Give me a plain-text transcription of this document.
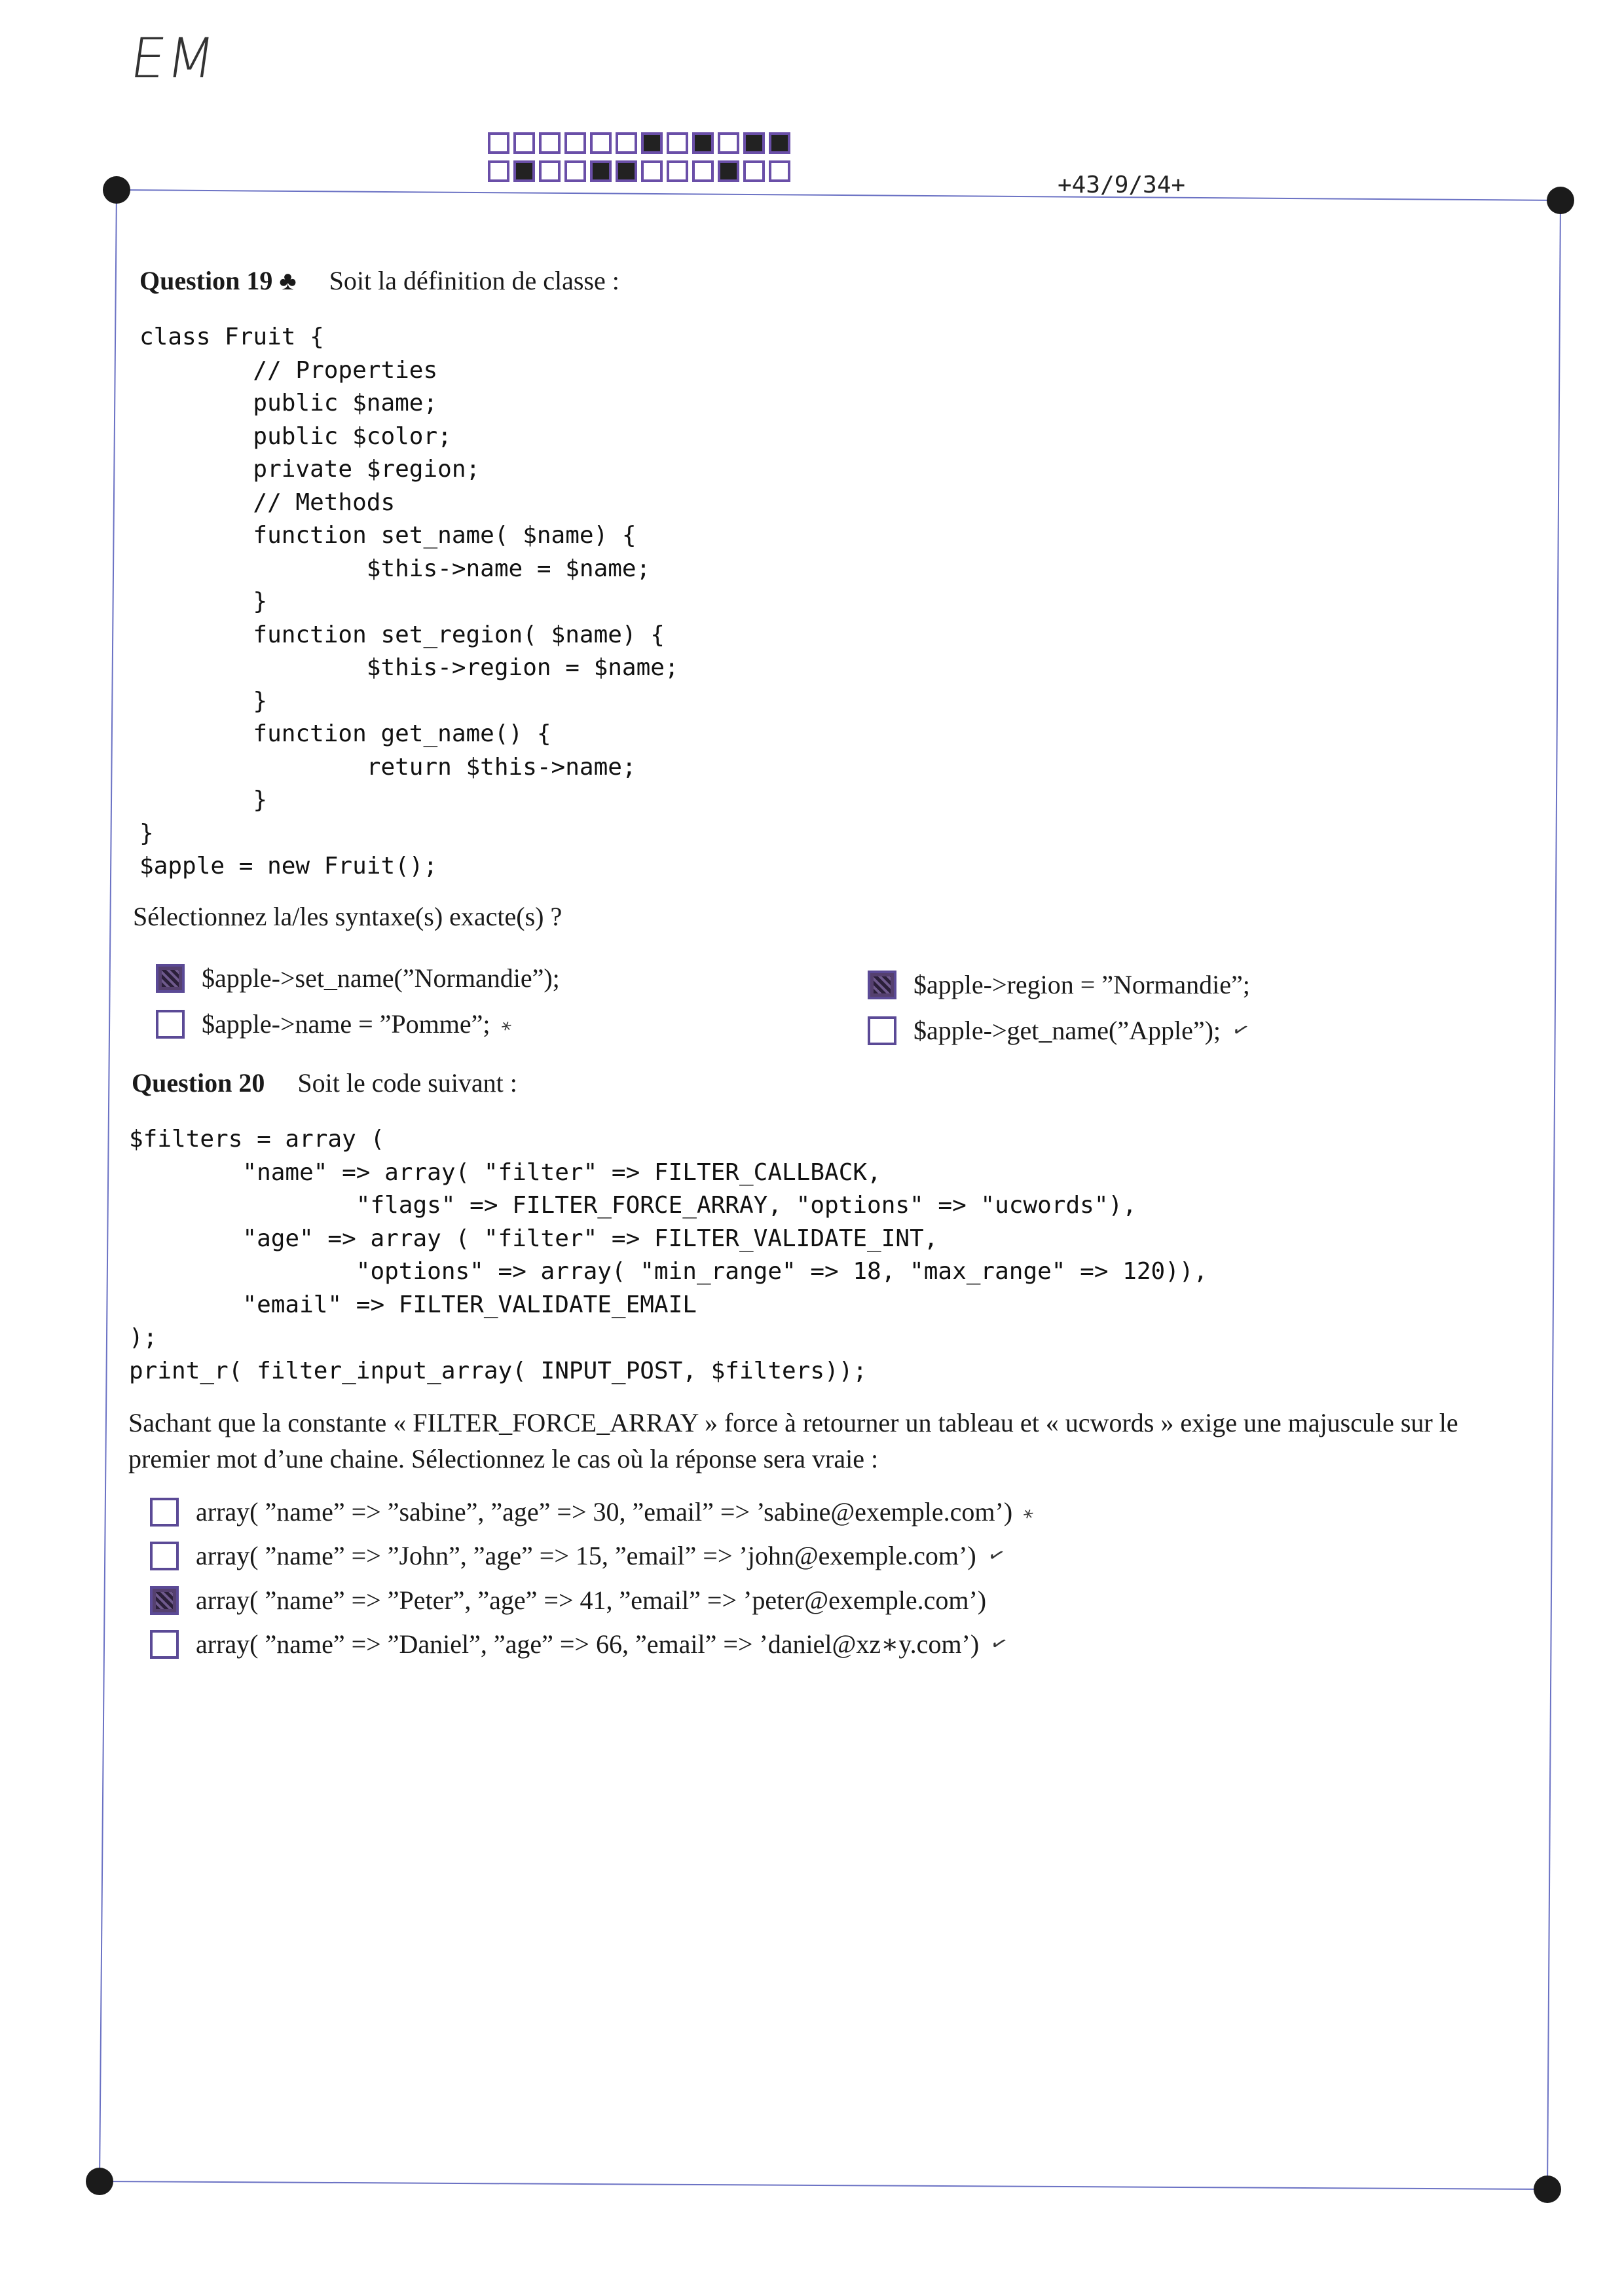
EM
+43/9/34+
Question 19 ♣ Soit la définition de classe :
class Fruit {
// Properties
public $name;
public $color;
private $region;
// Methods
function set_name( $name) {
$this->name = $name;
}
function set_region( $name) {
$this->region = $name;
}
function get_name() {
return $this->name;
}
}
$apple = new Fruit();
Sélectionnez la/les syntaxe(s) exacte(s) ?
$apple->set_name(”Normandie”);
$apple->name = ”Pomme”; ⁎
$apple->region = ”Normandie”;
$apple->get_name(”Apple”); ✓
Question 20 Soit le code suivant :
$filters = array (
"name" => array( "filter" => FILTER_CALLBACK,
"flags" => FILTER_FORCE_ARRAY, "options" => "ucwords"),
"age" => array ( "filter" => FILTER_VALIDATE_INT,
"options" => array( "min_range" => 18, "max_range" => 120)),
"email" => FILTER_VALIDATE_EMAIL
);
print_r( filter_input_array( INPUT_POST, $filters));
Sachant que la constante « FILTER_FORCE_ARRAY » force à retourner un tableau et « ucwords » exige une majuscule sur le premier mot d’une chaine. Sélectionnez le cas où la réponse sera vraie :
array( ”name” => ”sabine”, ”age” => 30, ”email” => ’sabine@exemple.com’) ⁎
array( ”name” => ”John”, ”age” => 15, ”email” => ’john@exemple.com’) ✓
array( ”name” => ”Peter”, ”age” => 41, ”email” => ’peter@exemple.com’)
array( ”name” => ”Daniel”, ”age” => 66, ”email” => ’daniel@xz∗y.com’) ✓
